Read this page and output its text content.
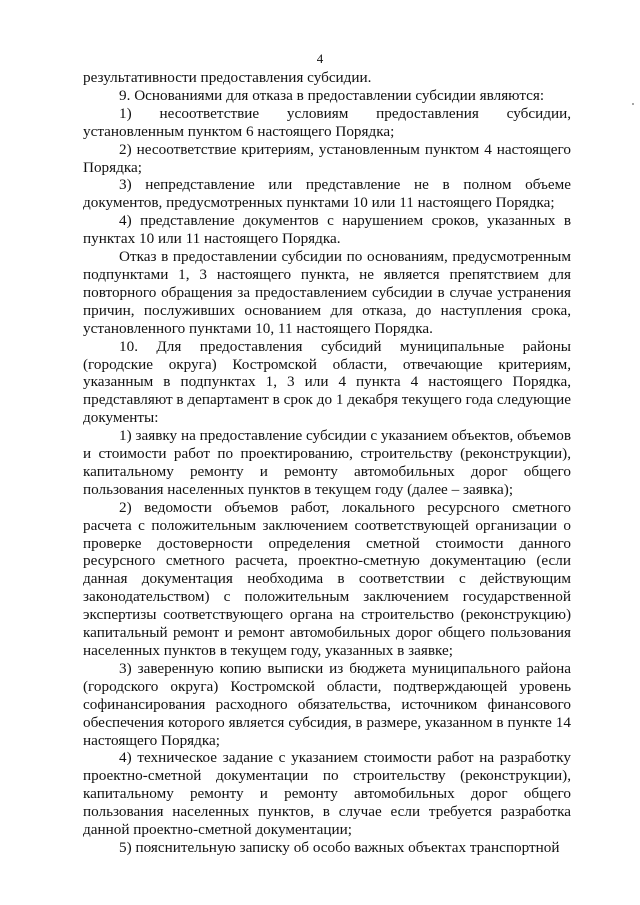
4

результативности предоставления субсидии.

9. Основаниями для отказа в предоставлении субсидии являются:

1) несоответствие условиям предоставления субсидии, установленным пунктом 6 настоящего Порядка;

2) несоответствие критериям, установленным пунктом 4 настоящего Порядка;

3) непредставление или представление не в полном объеме документов, предусмотренных пунктами 10 или 11 настоящего Порядка;

4) представление документов с нарушением сроков, указанных в пунктах 10 или 11 настоящего Порядка.

Отказ в предоставлении субсидии по основаниям, предусмотренным подпунктами 1, 3 настоящего пункта, не является препятствием для повторного обращения за предоставлением субсидии в случае устранения причин, послуживших основанием для отказа, до наступления срока, установленного пунктами 10, 11 настоящего Порядка.

10. Для предоставления субсидий муниципальные районы (городские округа) Костромской области, отвечающие критериям, указанным в подпунктах 1, 3 или 4 пункта 4 настоящего Порядка, представляют в департамент в срок до 1 декабря текущего года следующие документы:

1) заявку на предоставление субсидии с указанием объектов, объемов и стоимости работ по проектированию, строительству (реконструкции), капитальному ремонту и ремонту автомобильных дорог общего пользования населенных пунктов в текущем году (далее – заявка);

2) ведомости объемов работ, локального ресурсного сметного расчета с положительным заключением соответствующей организации о проверке достоверности определения сметной стоимости данного ресурсного сметного расчета, проектно-сметную документацию (если данная документация необходима в соответствии с действующим законодательством) с положительным заключением государственной экспертизы соответствующего органа на строительство (реконструкцию) капитальный ремонт и ремонт автомобильных дорог общего пользования населенных пунктов в текущем году, указанных в заявке;

3) заверенную копию выписки из бюджета муниципального района (городского округа) Костромской области, подтверждающей уровень софинансирования расходного обязательства, источником финансового обеспечения которого является субсидия, в размере, указанном в пункте 14 настоящего Порядка;

4) техническое задание с указанием стоимости работ на разработку проектно-сметной документации по строительству (реконструкции), капитальному ремонту и ремонту автомобильных дорог общего пользования населенных пунктов, в случае если требуется разработка данной проектно-сметной документации;

5) пояснительную записку об особо важных объектах транспортной
